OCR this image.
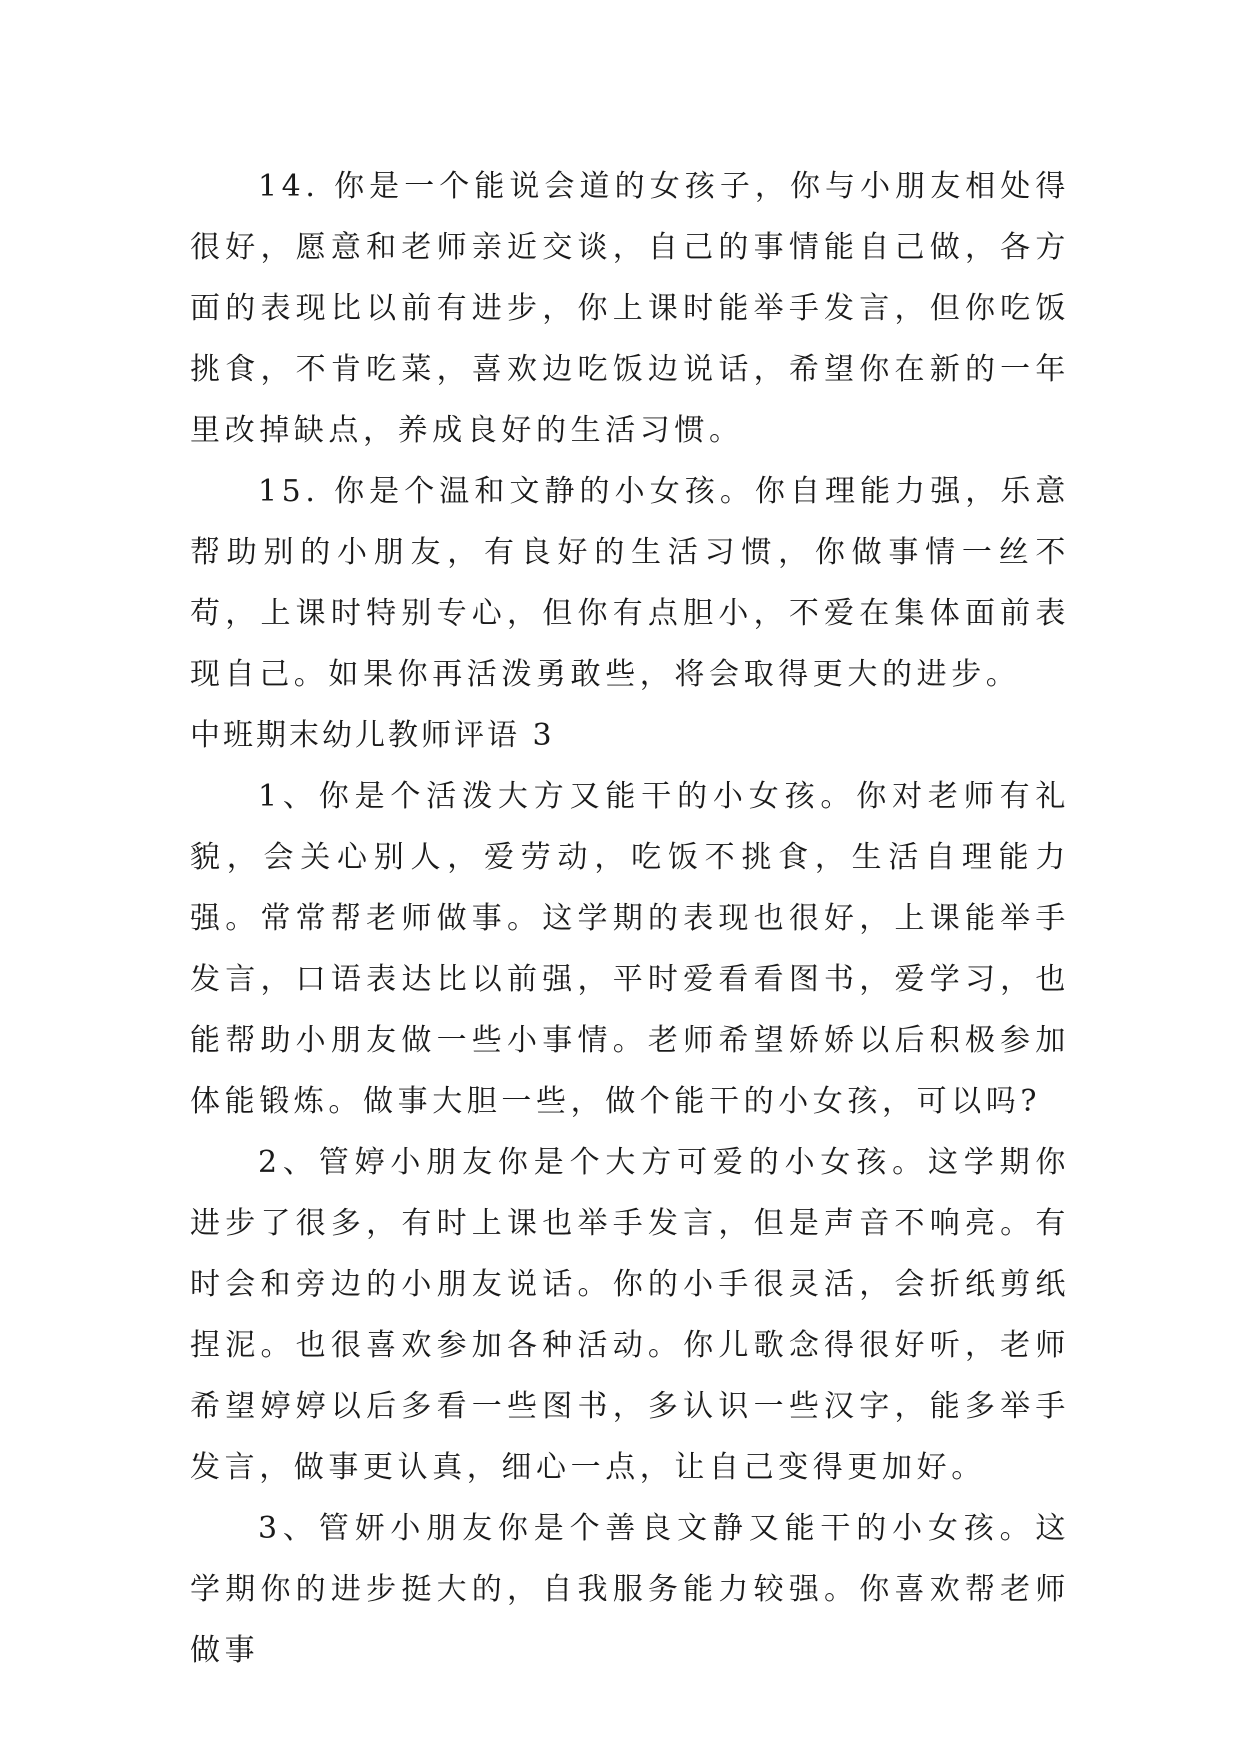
14. 你是一个能说会道的女孩子，你与小朋友相处得很好，愿意和老师亲近交谈，自己的事情能自己做，各方面的表现比以前有进步，你上课时能举手发言，但你吃饭挑食，不肯吃菜，喜欢边吃饭边说话，希望你在新的一年里改掉缺点，养成良好的生活习惯。

15. 你是个温和文静的小女孩。你自理能力强，乐意帮助别的小朋友，有良好的生活习惯，你做事情一丝不苟，上课时特别专心，但你有点胆小，不爱在集体面前表现自己。如果你再活泼勇敢些，将会取得更大的进步。

中班期末幼儿教师评语 3

1、你是个活泼大方又能干的小女孩。你对老师有礼貌，会关心别人，爱劳动，吃饭不挑食，生活自理能力强。常常帮老师做事。这学期的表现也很好，上课能举手发言，口语表达比以前强，平时爱看看图书，爱学习，也能帮助小朋友做一些小事情。老师希望娇娇以后积极参加体能锻炼。做事大胆一些，做个能干的小女孩，可以吗?

2、管婷小朋友你是个大方可爱的小女孩。这学期你进步了很多，有时上课也举手发言，但是声音不响亮。有时会和旁边的小朋友说话。你的小手很灵活，会折纸剪纸捏泥。也很喜欢参加各种活动。你儿歌念得很好听，老师希望婷婷以后多看一些图书，多认识一些汉字，能多举手发言，做事更认真，细心一点，让自己变得更加好。

3、管妍小朋友你是个善良文静又能干的小女孩。这学期你的进步挺大的，自我服务能力较强。你喜欢帮老师做事
